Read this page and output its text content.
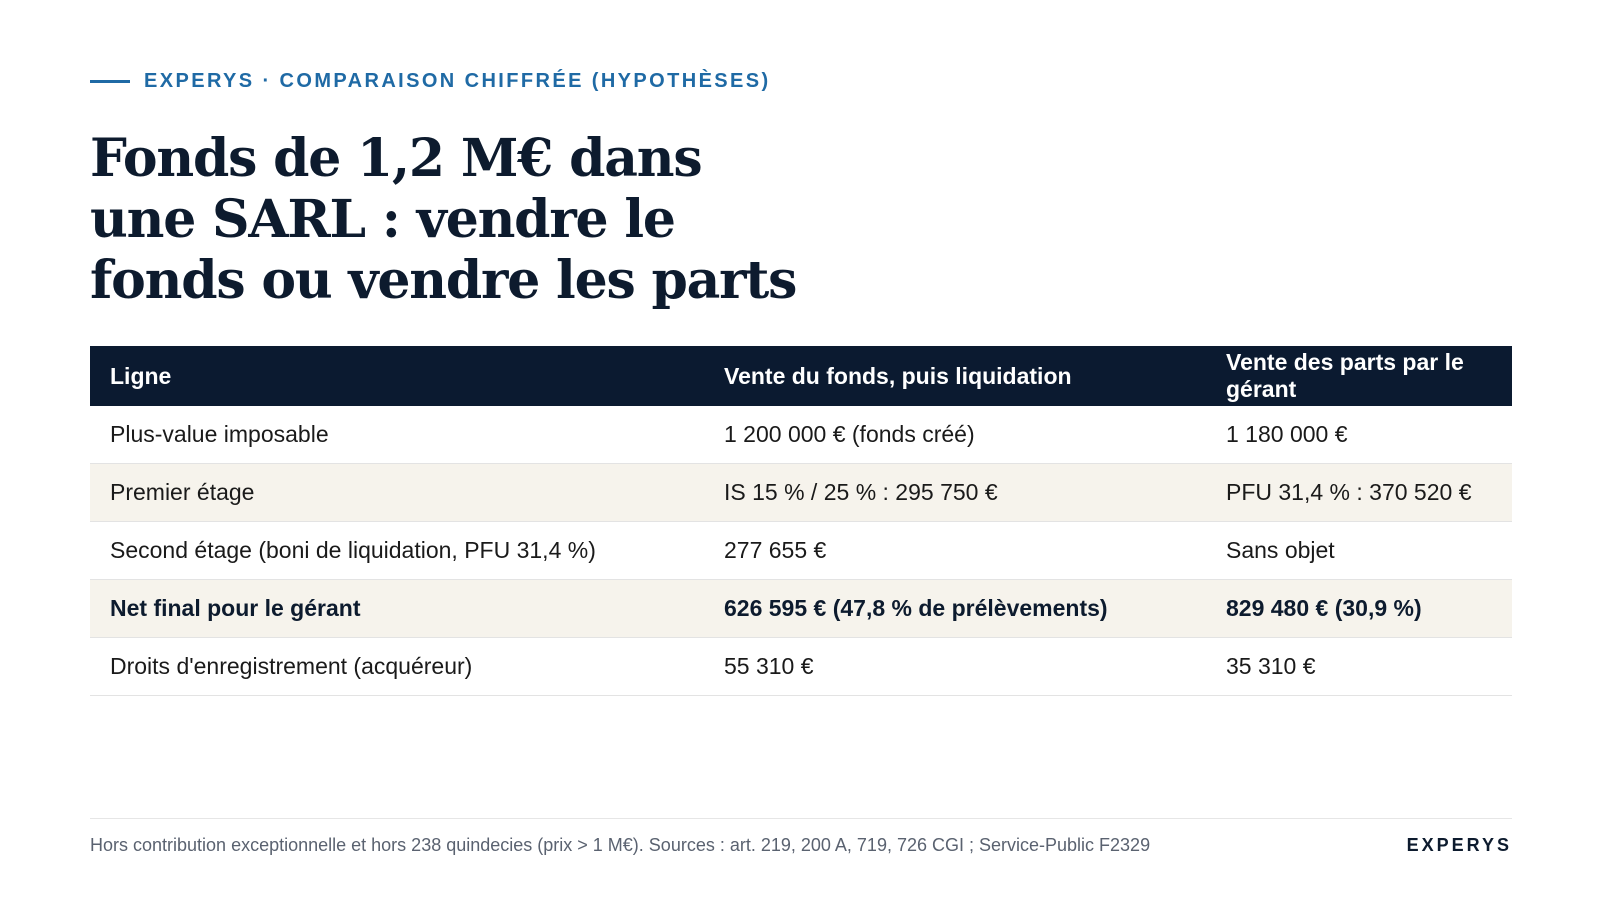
EXPERYS · COMPARAISON CHIFFRÉE (HYPOTHÈSES)
Fonds de 1,2 M€ dans une SARL : vendre le fonds ou vendre les parts
Ligne	Vente du fonds, puis liquidation	Vente des parts par le gérant
Plus-value imposable	1 200 000 € (fonds créé)	1 180 000 €
Premier étage	IS 15 % / 25 % : 295 750 €	PFU 31,4 % : 370 520 €
Second étage (boni de liquidation, PFU 31,4 %)	277 655 €	Sans objet
Net final pour le gérant	626 595 € (47,8 % de prélèvements)	829 480 € (30,9 %)
Droits d'enregistrement (acquéreur)	55 310 €	35 310 €
Hors contribution exceptionnelle et hors 238 quindecies (prix > 1 M€). Sources : art. 219, 200 A, 719, 726 CGI ; Service-Public F2329	EXPERYS
